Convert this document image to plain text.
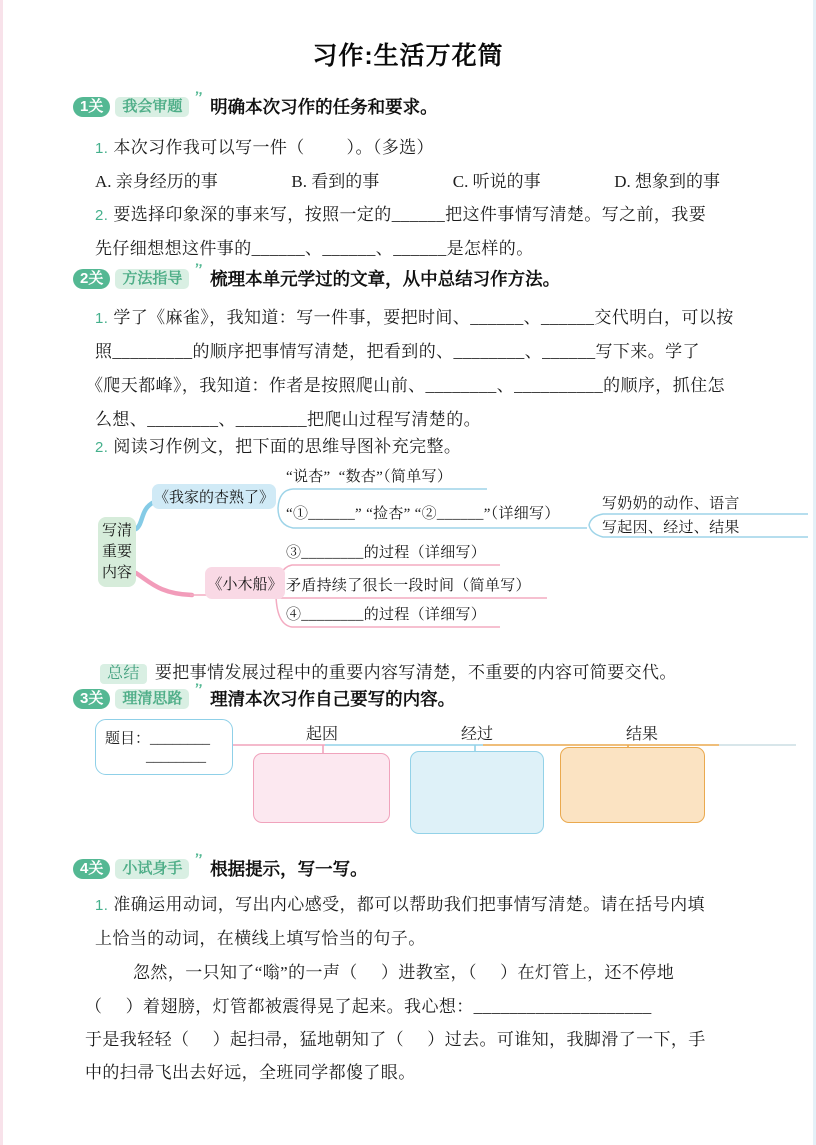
习作:生活万花筒
1关	我会审题 ’’ 明确本次习作的任务和要求。
1. 本次习作我可以写一件（         ）。（多选）
A. 亲身经历的事	B. 看到的事	C. 听说的事	D. 想象到的事
2. 要选择印象深的事来写，按照一定的______把这件事情写清楚。写之前，我要
先仔细想想这件事的______、______、______是怎样的。
2关	方法指导 ’’ 梳理本单元学过的文章，从中总结习作方法。
1. 学了《麻雀》，我知道：写一件事，要把时间、______、______交代明白，可以按
照_________的顺序把事情写清楚，把看到的、________、______写下来。学了
《爬天都峰》，我知道：作者是按照爬山前、________、__________的顺序，抓住怎
么想、________、________把爬山过程写清楚的。
2. 阅读习作例文，把下面的思维导图补充完整。
写清
重要
内容
《我家的杏熟了》
《小木船》
“说杏”  “数杏”（简单写）
“①______” “捡杏” “②______”（详细写）
写奶奶的动作、语言
写起因、经过、结果
③________的过程（详细写）
矛盾持续了很长一段时间（简单写）
④________的过程（详细写）
总结 要把事情发展过程中的重要内容写清楚，不重要的内容可简要交代。
3关	理清思路 ’’ 理清本次习作自己要写的内容。
题目：________
________
起因	经过	结果
4关	小试身手 ’’ 根据提示，写一写。
1. 准确运用动词，写出内心感受，都可以帮助我们把事情写清楚。请在括号内填
上恰当的动词，在横线上填写恰当的句子。
忽然，一只知了“嗡”的一声（     ）进教室，（     ）在灯管上，还不停地
（     ）着翅膀，灯管都被震得晃了起来。我心想：____________________
于是我轻轻（     ）起扫帚，猛地朝知了（     ）过去。可谁知，我脚滑了一下，手
中的扫帚飞出去好远，全班同学都傻了眼。
